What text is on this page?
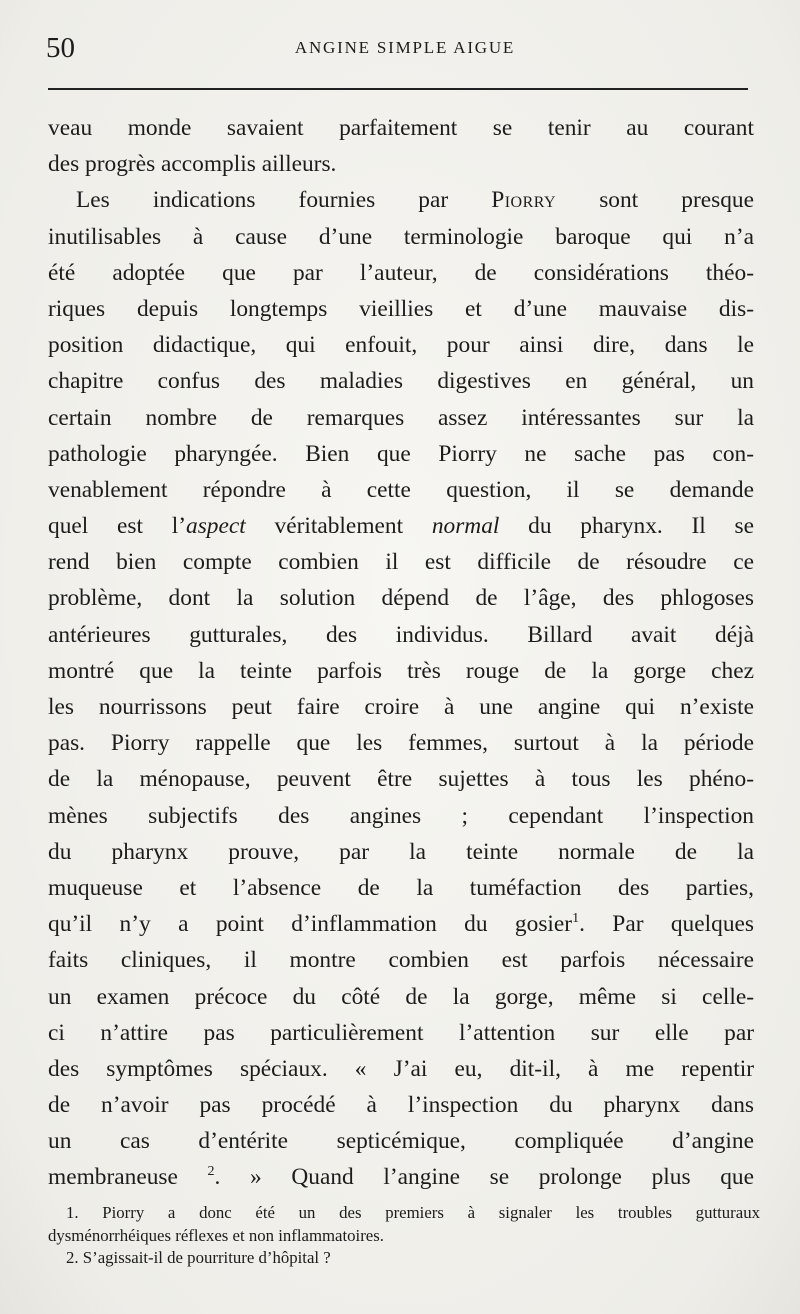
50	ANGINE SIMPLE AIGUE
veau monde savaient parfaitement se tenir au courant
des progrès accomplis ailleurs.
Les indications fournies par Piorry sont presque
inutilisables à cause d’une terminologie baroque qui n’a
été adoptée que par l’auteur, de considérations théo-
riques depuis longtemps vieillies et d’une mauvaise dis-
position didactique, qui enfouit, pour ainsi dire, dans le
chapitre confus des maladies digestives en général, un
certain nombre de remarques assez intéressantes sur la
pathologie pharyngée. Bien que Piorry ne sache pas con-
venablement répondre à cette question, il se demande
quel est l’aspect véritablement normal du pharynx. Il se
rend bien compte combien il est difficile de résoudre ce
problème, dont la solution dépend de l’âge, des phlogoses
antérieures gutturales, des individus. Billard avait déjà
montré que la teinte parfois très rouge de la gorge chez
les nourrissons peut faire croire à une angine qui n’existe
pas. Piorry rappelle que les femmes, surtout à la période
de la ménopause, peuvent être sujettes à tous les phéno-
mènes subjectifs des angines ; cependant l’inspection
du pharynx prouve, par la teinte normale de la
muqueuse et l’absence de la tuméfaction des parties,
qu’il n’y a point d’inflammation du gosier$^1$. Par quelques
faits cliniques, il montre combien est parfois nécessaire
un examen précoce du côté de la gorge, même si celle-
ci n’attire pas particulièrement l’attention sur elle par
des symptômes spéciaux. « J’ai eu, dit-il, à me repentir
de n’avoir pas procédé à l’inspection du pharynx dans
un cas d’entérite septicémique, compliquée d’angine
membraneuse $^2$. » Quand l’angine se prolonge plus que
1. Piorry a donc été un des premiers à signaler les troubles gutturaux
dysménorrhéiques réflexes et non inflammatoires.
2. S’agissait-il de pourriture d’hôpital ?
